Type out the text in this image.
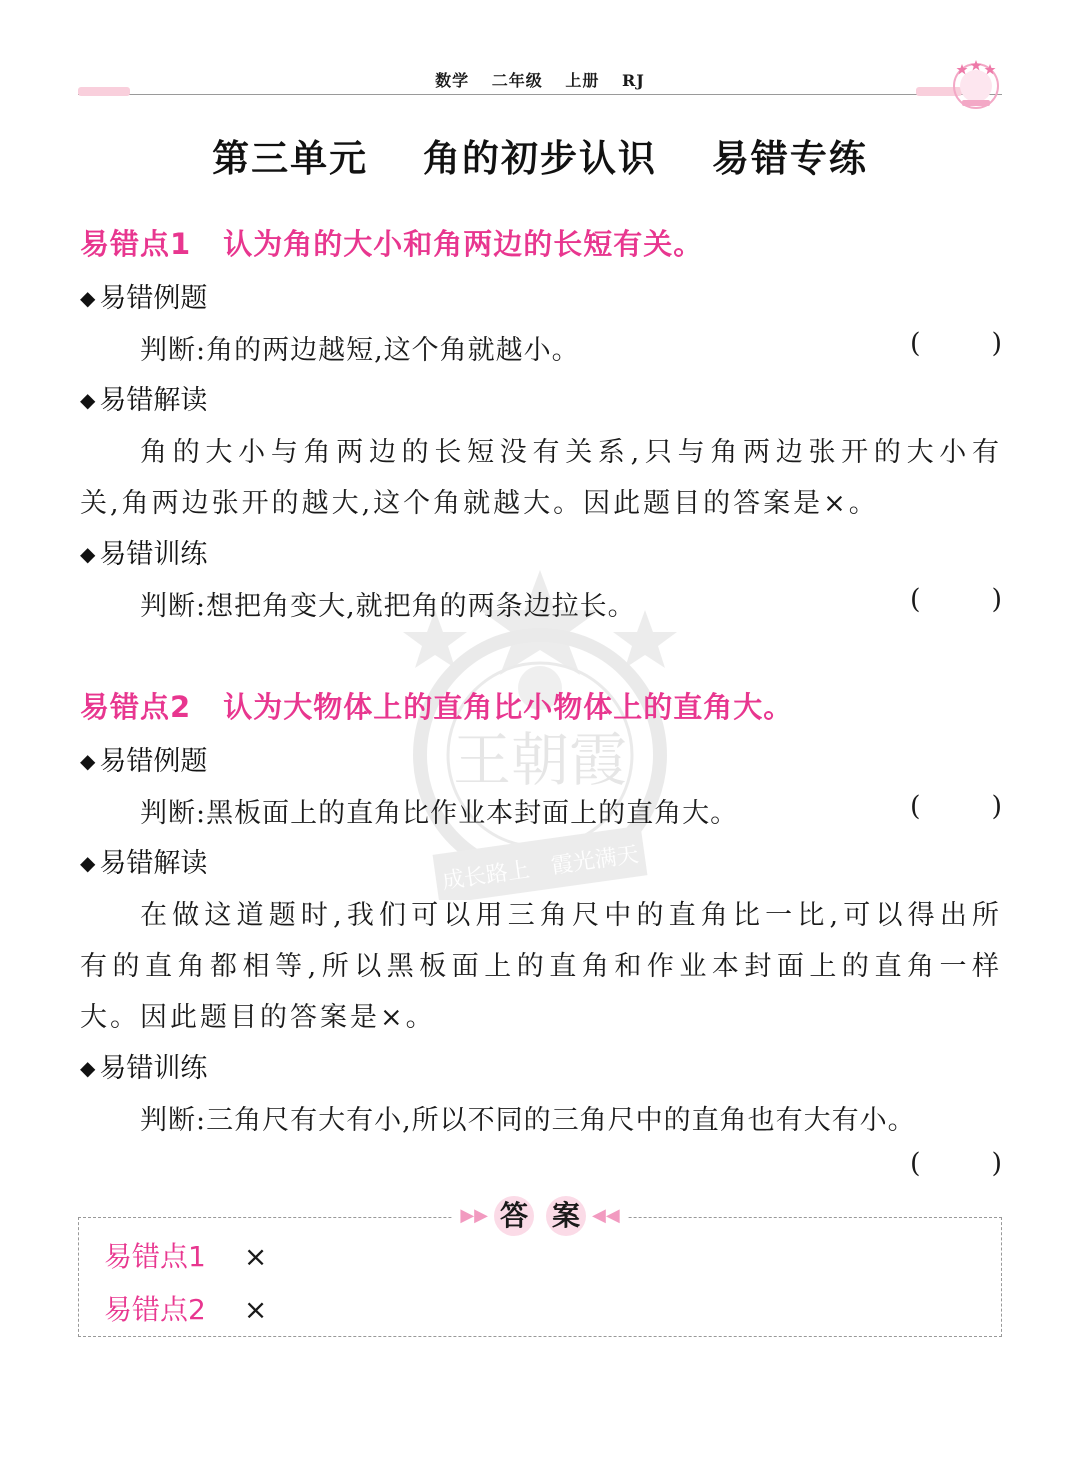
数学 二年级 上册 RJ
第三单元 角的初步认识 易错专练
王朝霞
成长路上 霞光满天
易错点1 认为角的大小和角两边的长短有关。
◆ 易错例题
判断:角的两边越短,这个角就越小。	(	)
◆ 易错解读
角的大小与角两边的长短没有关系,只与角两边张开的大小有
关,角两边张开的越大,这个角就越大。因此题目的答案是×。
◆ 易错训练
判断:想把角变大,就把角的两条边拉长。	(	)
易错点2 认为大物体上的直角比小物体上的直角大。
◆ 易错例题
判断:黑板面上的直角比作业本封面上的直角大。	(	)
◆ 易错解读
在做这道题时,我们可以用三角尺中的直角比一比,可以得出所
有的直角都相等,所以黑板面上的直角和作业本封面上的直角一样
大。因此题目的答案是×。
◆ 易错训练
判断:三角尺有大有小,所以不同的三角尺中的直角也有大有小。
(	)
▶▶ 答 案 ◀◀
易错点1 ×
易错点2 ×
